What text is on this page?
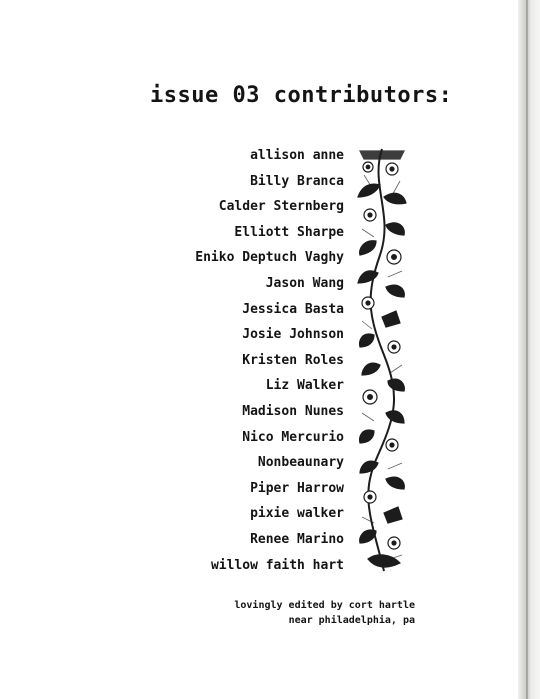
issue 03 contributors:
allison anne
Billy Branca
Calder Sternberg
Elliott Sharpe
Eniko Deptuch Vaghy
Jason Wang
Jessica Basta
Josie Johnson
Kristen Roles
Liz Walker
Madison Nunes
Nico Mercurio
Nonbeaunary
Piper Harrow
pixie walker
Renee Marino
willow faith hart
lovingly edited by cort hartle
near philadelphia, pa
